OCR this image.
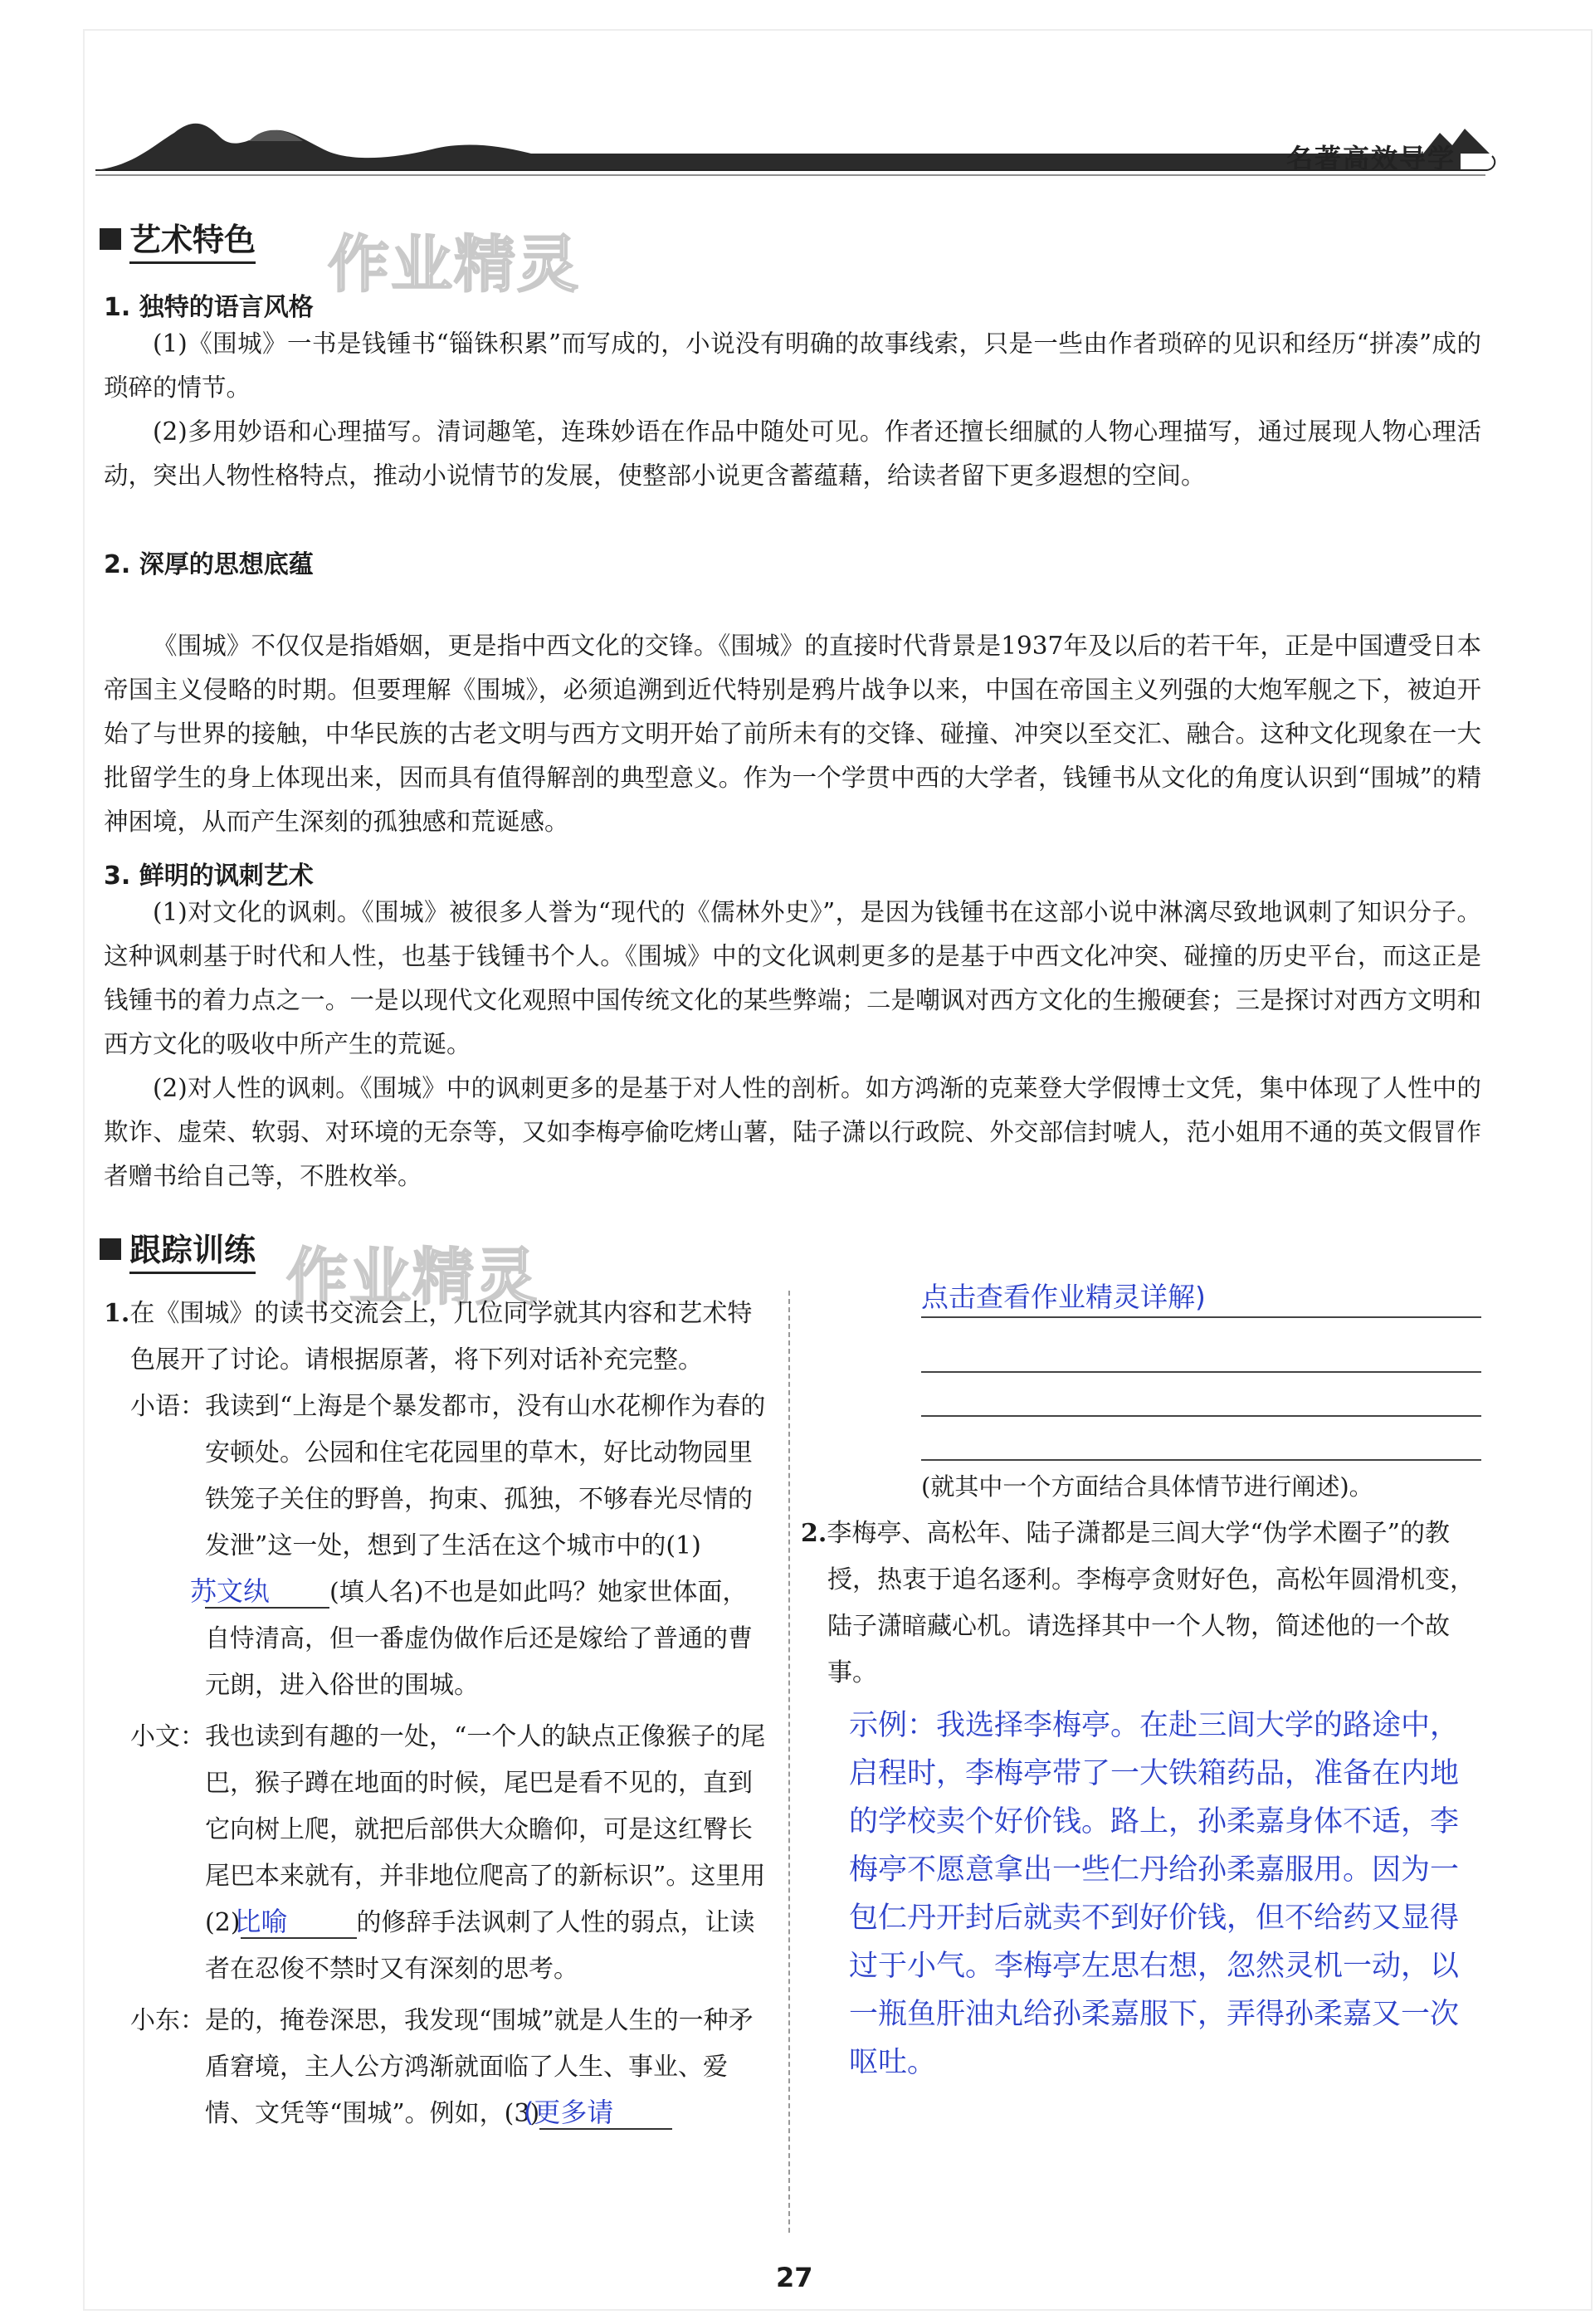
名著高效导学
艺术特色 作业精灵
1. 独特的语言风格

(1)《围城》一书是钱锺书“锱铢积累”而写成的，小说没有明确的故事线索，只是一些由作者琐碎的见识和经历“拼凑”成的琐碎的情节。

(2)多用妙语和心理描写。清词趣笔，连珠妙语在作品中随处可见。作者还擅长细腻的人物心理描写，通过展现人物心理活动，突出人物性格特点，推动小说情节的发展，使整部小说更含蓄蕴藉，给读者留下更多遐想的空间。

2. 深厚的思想底蕴

《围城》不仅仅是指婚姻，更是指中西文化的交锋。《围城》的直接时代背景是1937年及以后的若干年，正是中国遭受日本帝国主义侵略的时期。但要理解《围城》，必须追溯到近代特别是鸦片战争以来，中国在帝国主义列强的大炮军舰之下，被迫开始了与世界的接触，中华民族的古老文明与西方文明开始了前所未有的交锋、碰撞、冲突以至交汇、融合。这种文化现象在一大批留学生的身上体现出来，因而具有值得解剖的典型意义。作为一个学贯中西的大学者，钱锺书从文化的角度认识到“围城”的精神困境，从而产生深刻的孤独感和荒诞感。

3. 鲜明的讽刺艺术

(1)对文化的讽刺。《围城》被很多人誉为“现代的《儒林外史》”，是因为钱锺书在这部小说中淋漓尽致地讽刺了知识分子。这种讽刺基于时代和人性，也基于钱锺书个人。《围城》中的文化讽刺更多的是基于中西文化冲突、碰撞的历史平台，而这正是钱锺书的着力点之一。一是以现代文化观照中国传统文化的某些弊端；二是嘲讽对西方文化的生搬硬套；三是探讨对西方文明和西方文化的吸收中所产生的荒诞。

(2)对人性的讽刺。《围城》中的讽刺更多的是基于对人性的剖析。如方鸿渐的克莱登大学假博士文凭，集中体现了人性中的欺诈、虚荣、软弱、对环境的无奈等，又如李梅亭偷吃烤山薯，陆子潇以行政院、外交部信封唬人，范小姐用不通的英文假冒作者赠书给自己等，不胜枚举。

跟踪训练 作业精灵

1.在《围城》的读书交流会上，几位同学就其内容和艺术特色展开了讨论。请根据原著，将下列对话补充完整。

小语：我读到“上海是个暴发都市，没有山水花柳作为春的安顿处。公园和住宅花园里的草木，好比动物园里铁笼子关住的野兽，拘束、孤独，不够春光尽情的发泄”这一处，想到了生活在这个城市中的(1)苏文纨 (填人名)不也是如此吗？她家世体面，自恃清高，但一番虚伪做作后还是嫁给了普通的曹元朗，进入俗世的围城。

小文：我也读到有趣的一处，“一个人的缺点正像猴子的尾巴，猴子蹲在地面的时候，尾巴是看不见的，直到它向树上爬，就把后部供大众瞻仰，可是这红臀长尾巴本来就有，并非地位爬高了的新标识”。这里用(2)比喻	的修辞手法讽刺了人性的弱点，让读者在忍俊不禁时又有深刻的思考。

小东：是的，掩卷深思，我发现“围城”就是人生的一种矛盾窘境，主人公方鸿渐就面临了人生、事业、爱情、文凭等“围城”。例如，(3)(更多请

点击查看作业精灵详解)
(就其中一个方面结合具体情节进行阐述)。

2.李梅亭、高松年、陆子潇都是三闾大学“伪学术圈子”的教授，热衷于追名逐利。李梅亭贪财好色，高松年圆滑机变，陆子潇暗藏心机。请选择其中一个人物，简述他的一个故事。

示例：我选择李梅亭。在赴三闾大学的路途中，启程时，李梅亭带了一大铁箱药品，准备在内地的学校卖个好价钱。路上，孙柔嘉身体不适，李梅亭不愿意拿出一些仁丹给孙柔嘉服用。因为一包仁丹开封后就卖不到好价钱，但不给药又显得过于小气。李梅亭左思右想，忽然灵机一动，以一瓶鱼肝油丸给孙柔嘉服下，弄得孙柔嘉又一次呕吐。

27
